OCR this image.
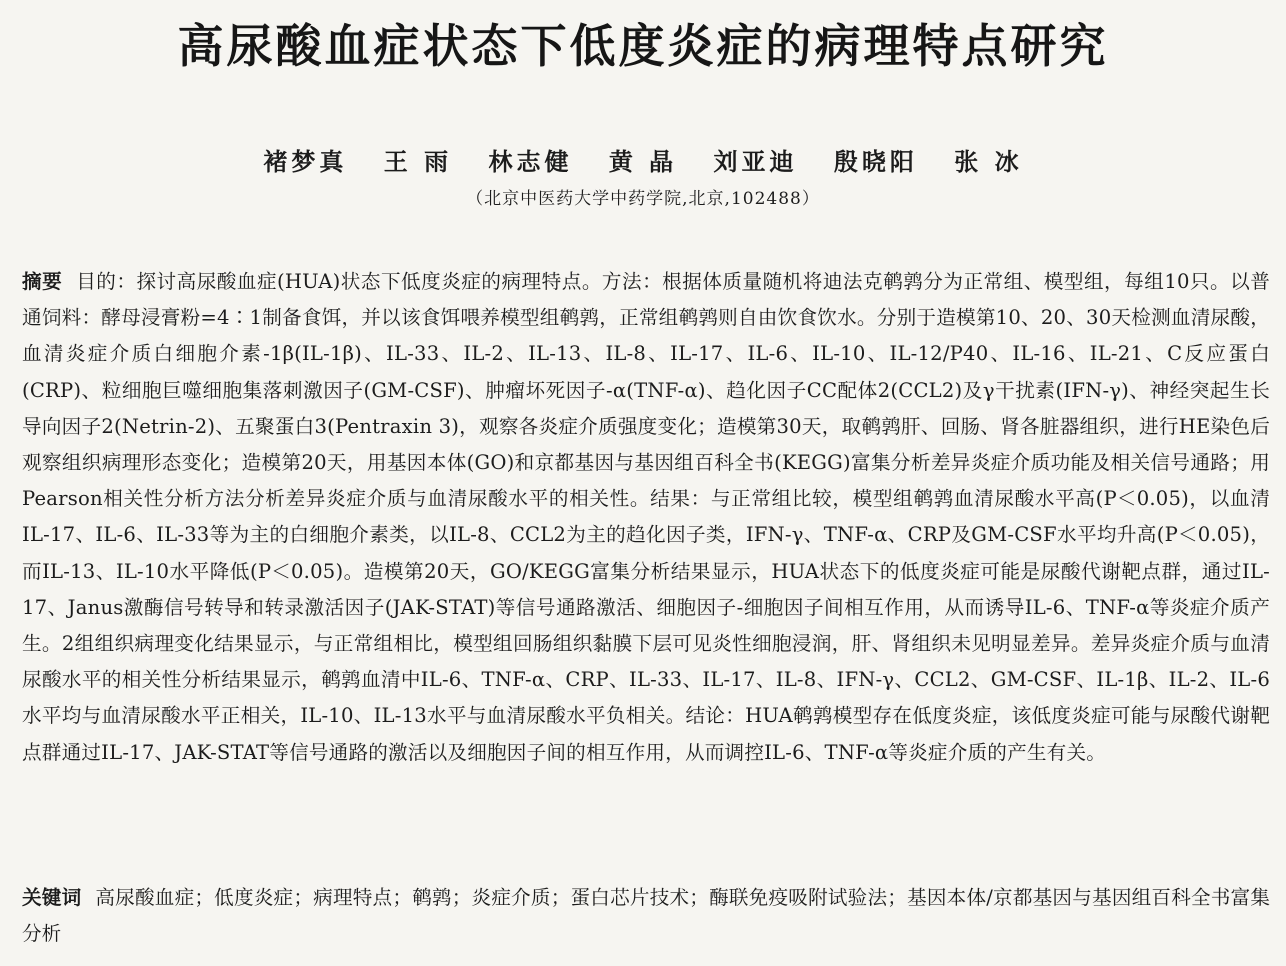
高尿酸血症状态下低度炎症的病理特点研究
褚梦真 王 雨 林志健 黄 晶 刘亚迪 殷晓阳 张 冰
（北京中医药大学中药学院,北京,102488）
摘要 目的：探讨高尿酸血症(HUA)状态下低度炎症的病理特点。方法：根据体质量随机将迪法克鹌鹑分为正常组、模型组，每组10只。以普通饲料：酵母浸膏粉=4∶1制备食饵，并以该食饵喂养模型组鹌鹑，正常组鹌鹑则自由饮食饮水。分别于造模第10、20、30天检测血清尿酸，血清炎症介质白细胞介素-1β(IL-1β)、IL-33、IL-2、IL-13、IL-8、IL-17、IL-6、IL-10、IL-12/P40、IL-16、IL-21、C反应蛋白(CRP)、粒细胞巨噬细胞集落刺激因子(GM-CSF)、肿瘤坏死因子-α(TNF-α)、趋化因子CC配体2(CCL2)及γ干扰素(IFN-γ)、神经突起生长导向因子2(Netrin-2)、五聚蛋白3(Pentraxin 3)，观察各炎症介质强度变化；造模第30天，取鹌鹑肝、回肠、肾各脏器组织，进行HE染色后观察组织病理形态变化；造模第20天，用基因本体(GO)和京都基因与基因组百科全书(KEGG)富集分析差异炎症介质功能及相关信号通路；用Pearson相关性分析方法分析差异炎症介质与血清尿酸水平的相关性。结果：与正常组比较，模型组鹌鹑血清尿酸水平高(P＜0.05)，以血清IL-17、IL-6、IL-33等为主的白细胞介素类，以IL-8、CCL2为主的趋化因子类，IFN-γ、TNF-α、CRP及GM-CSF水平均升高(P＜0.05)，而IL-13、IL-10水平降低(P＜0.05)。造模第20天，GO/KEGG富集分析结果显示，HUA状态下的低度炎症可能是尿酸代谢靶点群，通过IL-17、Janus激酶信号转导和转录激活因子(JAK-STAT)等信号通路激活、细胞因子-细胞因子间相互作用，从而诱导IL-6、TNF-α等炎症介质产生。2组组织病理变化结果显示，与正常组相比，模型组回肠组织黏膜下层可见炎性细胞浸润，肝、肾组织未见明显差异。差异炎症介质与血清尿酸水平的相关性分析结果显示，鹌鹑血清中IL-6、TNF-α、CRP、IL-33、IL-17、IL-8、IFN-γ、CCL2、GM-CSF、IL-1β、IL-2、IL-6水平均与血清尿酸水平正相关，IL-10、IL-13水平与血清尿酸水平负相关。结论：HUA鹌鹑模型存在低度炎症，该低度炎症可能与尿酸代谢靶点群通过IL-17、JAK-STAT等信号通路的激活以及细胞因子间的相互作用，从而调控IL-6、TNF-α等炎症介质的产生有关。
关键词 高尿酸血症；低度炎症；病理特点；鹌鹑；炎症介质；蛋白芯片技术；酶联免疫吸附试验法；基因本体/京都基因与基因组百科全书富集分析
